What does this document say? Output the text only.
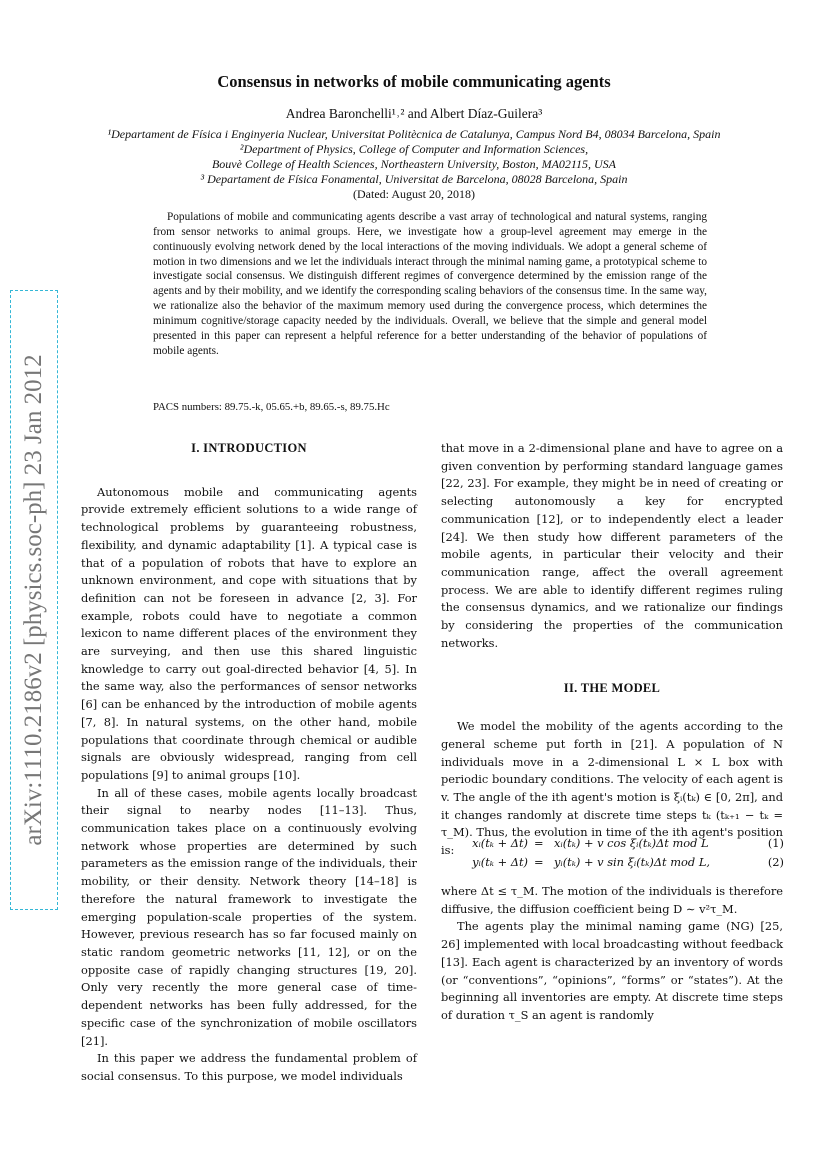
arXiv:1110.2186v2 [physics.soc-ph] 23 Jan 2012
Consensus in networks of mobile communicating agents
Andrea Baronchelli¹˒² and Albert Díaz-Guilera³
¹Departament de Física i Enginyeria Nuclear, Universitat Politècnica de Catalunya, Campus Nord B4, 08034 Barcelona, Spain
²Department of Physics, College of Computer and Information Sciences,
Bouvè College of Health Sciences, Northeastern University, Boston, MA02115, USA
³ Departament de Física Fonamental, Universitat de Barcelona, 08028 Barcelona, Spain
(Dated: August 20, 2018)
Populations of mobile and communicating agents describe a vast array of technological and natural systems, ranging from sensor networks to animal groups. Here, we investigate how a group-level agreement may emerge in the continuously evolving network dened by the local interactions of the moving individuals. We adopt a general scheme of motion in two dimensions and we let the individuals interact through the minimal naming game, a prototypical scheme to investigate social consensus. We distinguish different regimes of convergence determined by the emission range of the agents and by their mobility, and we identify the corresponding scaling behaviors of the consensus time. In the same way, we rationalize also the behavior of the maximum memory used during the convergence process, which determines the minimum cognitive/storage capacity needed by the individuals. Overall, we believe that the simple and general model presented in this paper can represent a helpful reference for a better understanding of the behavior of populations of mobile agents.
PACS numbers: 89.75.-k, 05.65.+b, 89.65.-s, 89.75.Hc
I. INTRODUCTION

Autonomous mobile and communicating agents provide extremely efficient solutions to a wide range of technological problems by guaranteeing robustness, flexibility, and dynamic adaptability [1]. A typical case is that of a population of robots that have to explore an unknown environment, and cope with situations that by definition can not be foreseen in advance [2, 3]. For example, robots could have to negotiate a common lexicon to name different places of the environment they are surveying, and then use this shared linguistic knowledge to carry out goal-directed behavior [4, 5]. In the same way, also the performances of sensor networks [6] can be enhanced by the introduction of mobile agents [7, 8]. In natural systems, on the other hand, mobile populations that coordinate through chemical or audible signals are obviously widespread, ranging from cell populations [9] to animal groups [10].

In all of these cases, mobile agents locally broadcast their signal to nearby nodes [11–13]. Thus, communication takes place on a continuously evolving network whose properties are determined by such parameters as the emission range of the individuals, their mobility, or their density. Network theory [14–18] is therefore the natural framework to investigate the emerging population-scale properties of the system. However, previous research has so far focused mainly on static random geometric networks [11, 12], or on the opposite case of rapidly changing structures [19, 20]. Only very recently the more general case of time-dependent networks has been fully addressed, for the specific case of the synchronization of mobile oscillators [21].

In this paper we address the fundamental problem of social consensus. To this purpose, we model individuals

that move in a 2-dimensional plane and have to agree on a given convention by performing standard language games [22, 23]. For example, they might be in need of creating or selecting autonomously a key for encrypted communication [12], or to independently elect a leader [24]. We then study how different parameters of the mobile agents, in particular their velocity and their communication range, affect the overall agreement process. We are able to identify different regimes ruling the consensus dynamics, and we rationalize our findings by considering the properties of the communication networks.

II. THE MODEL

We model the mobility of the agents according to the general scheme put forth in [21]. A population of N individuals move in a 2-dimensional L × L box with periodic boundary conditions. The velocity of each agent is v. The angle of the ith agent's motion is ξᵢ(tₖ) ∈ [0, 2π], and it changes randomly at discrete time steps tₖ (tₖ₊₁ − tₖ = τ_M). Thus, the evolution in time of the ith agent's position is:

xᵢ(tₖ + Δt) = xᵢ(tₖ) + v cos ξᵢ(tₖ)Δt mod L	(1)
yᵢ(tₖ + Δt) = yᵢ(tₖ) + v sin ξᵢ(tₖ)Δt mod L,	(2)

where Δt ≤ τ_M. The motion of the individuals is therefore diffusive, the diffusion coefficient being D ∼ v²τ_M.

The agents play the minimal naming game (NG) [25, 26] implemented with local broadcasting without feedback [13]. Each agent is characterized by an inventory of words (or “conventions”, “opinions”, “forms” or “states”). At the beginning all inventories are empty. At discrete time steps of duration τ_S an agent is randomly
